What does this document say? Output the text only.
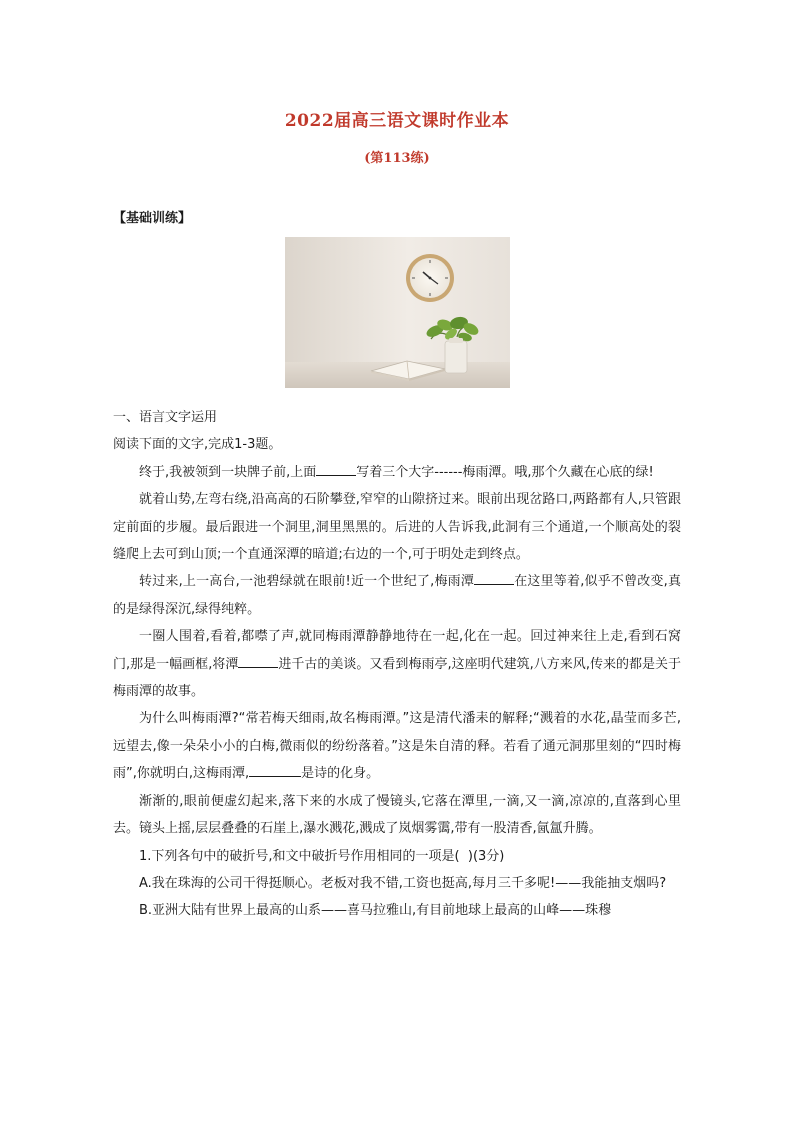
2022届高三语文课时作业本
(第113练)
【基础训练】

一、语言文字运用

阅读下面的文字,完成1-3题。

终于,我被领到一块牌子前,上面	写着三个大字------梅雨潭。哦,那个久藏在心底的绿!

就着山势,左弯右绕,沿高高的石阶攀登,窄窄的山隙挤过来。眼前出现岔路口,两路都有人,只管跟定前面的步履。最后跟进一个洞里,洞里黑黑的。后进的人告诉我,此洞有三个通道,一个顺高处的裂缝爬上去可到山顶;一个直通深潭的暗道;右边的一个,可于明处走到终点。

转过来,上一高台,一池碧绿就在眼前!近一个世纪了,梅雨潭	在这里等着,似乎不曾改变,真的是绿得深沉,绿得纯粹。

一圈人围着,看着,都噤了声,就同梅雨潭静静地待在一起,化在一起。回过神来往上走,看到石窝门,那是一幅画框,将潭	进千古的美谈。又看到梅雨亭,这座明代建筑,八方来风,传来的都是关于梅雨潭的故事。

为什么叫梅雨潭?“常若梅天细雨,故名梅雨潭。”这是清代潘耒的解释;“溅着的水花,晶莹而多芒,远望去,像一朵朵小小的白梅,微雨似的纷纷落着。”这是朱自清的释。若看了通元洞那里刻的“四时梅雨”,你就明白,这梅雨潭,	是诗的化身。

渐渐的,眼前便虚幻起来,落下来的水成了慢镜头,它落在潭里,一滴,又一滴,凉凉的,直落到心里去。镜头上摇,层层叠叠的石崖上,瀑水溅花,溅成了岚烟雾霭,带有一股清香,氤氲升腾。

1.下列各句中的破折号,和文中破折号作用相同的一项是(  )(3分)

A.我在珠海的公司干得挺顺心。老板对我不错,工资也挺高,每月三千多呢!——我能抽支烟吗?

B.亚洲大陆有世界上最高的山系——喜马拉雅山,有目前地球上最高的山峰——珠穆
